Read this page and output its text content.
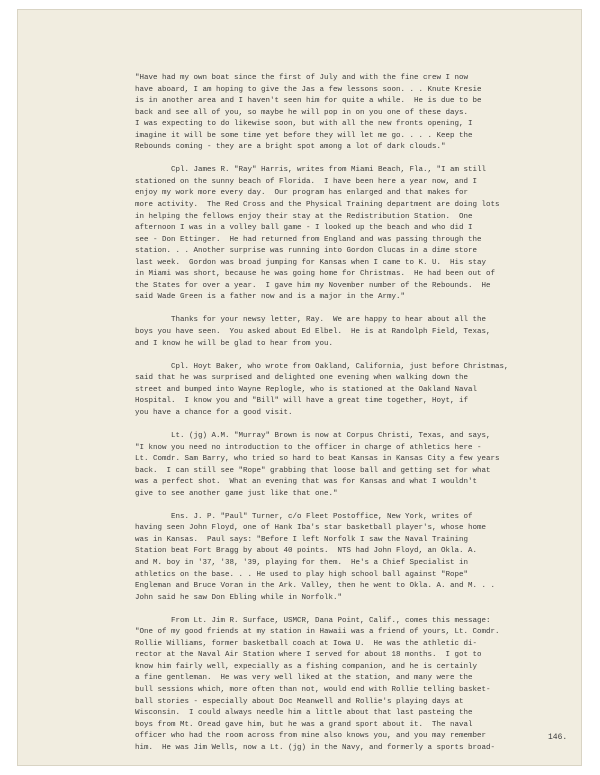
"Have had my own boat since the first of July and with the fine crew I now
have aboard, I am hoping to give the Jas a few lessons soon. . . Knute Kresie
is in another area and I haven't seen him for quite a while.  He is due to be
back and see all of you, so maybe he will pop in on you one of these days.
I was expecting to do likewise soon, but with all the new fronts opening, I
imagine it will be some time yet before they will let me go. . . . Keep the
Rebounds coming - they are a bright spot among a lot of dark clouds."
Cpl. James R. "Ray" Harris, writes from Miami Beach, Fla., "I am still
stationed on the sunny beach of Florida.  I have been here a year now, and I
enjoy my work more every day.  Our program has enlarged and that makes for
more activity.  The Red Cross and the Physical Training department are doing lots
in helping the fellows enjoy their stay at the Redistribution Station.  One
afternoon I was in a volley ball game - I looked up the beach and who did I
see - Don Ettinger.  He had returned from England and was passing through the
station. . . Another surprise was running into Gordon Clucas in a dime store
last week.  Gordon was broad jumping for Kansas when I came to K. U.  His stay
in Miami was short, because he was going home for Christmas.  He had been out of
the States for over a year.  I gave him my November number of the Rebounds.  He
said Wade Green is a father now and is a major in the Army."
Thanks for your newsy letter, Ray.  We are happy to hear about all the
boys you have seen.  You asked about Ed Elbel.  He is at Randolph Field, Texas,
and I know he will be glad to hear from you.
Cpl. Hoyt Baker, who wrote from Oakland, California, just before Christmas,
said that he was surprised and delighted one evening when walking down the
street and bumped into Wayne Replogle, who is stationed at the Oakland Naval
Hospital.  I know you and "Bill" will have a great time together, Hoyt, if
you have a chance for a good visit.
Lt. (jg) A.M. "Murray" Brown is now at Corpus Christi, Texas, and says,
"I know you need no introduction to the officer in charge of athletics here -
Lt. Comdr. Sam Barry, who tried so hard to beat Kansas in Kansas City a few years
back.  I can still see "Rope" grabbing that loose ball and getting set for what
was a perfect shot.  What an evening that was for Kansas and what I wouldn't
give to see another game just like that one."
Ens. J. P. "Paul" Turner, c/o Fleet Postoffice, New York, writes of
having seen John Floyd, one of Hank Iba's star basketball player's, whose home
was in Kansas.  Paul says: "Before I left Norfolk I saw the Naval Training
Station beat Fort Bragg by about 40 points.  NTS had John Floyd, an Okla. A.
and M. boy in '37, '38, '39, playing for them.  He's a Chief Specialist in
athletics on the base. . . He used to play high school ball against "Rope"
Engleman and Bruce Voran in the Ark. Valley, then he went to Okla. A. and M. . .
John said he saw Don Ebling while in Norfolk."
From Lt. Jim R. Surface, USMCR, Dana Point, Calif., comes this message:
"One of my good friends at my station in Hawaii was a friend of yours, Lt. Comdr.
Rollie Williams, former basketball coach at Iowa U.  He was the athletic di-
rector at the Naval Air Station where I served for about 18 months.  I got to
know him fairly well, expecially as a fishing companion, and he is certainly
a fine gentleman.  He was very well liked at the station, and many were the
bull sessions which, more often than not, would end with Rollie telling basket-
ball stories - especially about Doc Meanwell and Rollie's playing days at
Wisconsin.  I could always needle him a little about that last pasteing the
boys from Mt. Oread gave him, but he was a grand sport about it.  The naval
officer who had the room across from mine also knows you, and you may remember
him.  He was Jim Wells, now a Lt. (jg) in the Navy, and formerly a sports broad-
146.
